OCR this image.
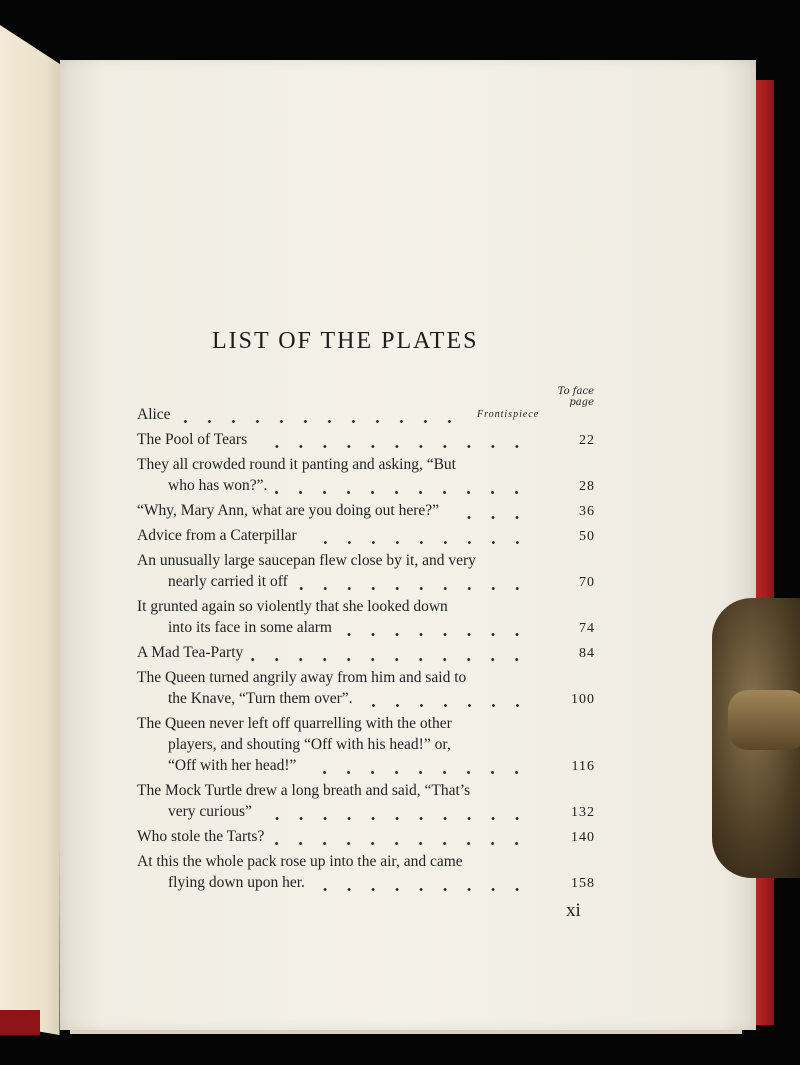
LIST OF THE PLATES
To face
page
Alice	Frontispiece
The Pool of Tears	22
They all crowded round it panting and asking, “But
who has won?”.	28
“Why, Mary Ann, what are you doing out here?”	36
Advice from a Caterpillar	50
An unusually large saucepan flew close by it, and very
nearly carried it off	70
It grunted again so violently that she looked down
into its face in some alarm	74
A Mad Tea-Party	84
The Queen turned angrily away from him and said to
the Knave, “Turn them over”.	100
The Queen never left off quarrelling with the other
players, and shouting “Off with his head!” or,
“Off with her head!”	116
The Mock Turtle drew a long breath and said, “That’s
very curious”	132
Who stole the Tarts?	140
At this the whole pack rose up into the air, and came
flying down upon her.	158
xi
